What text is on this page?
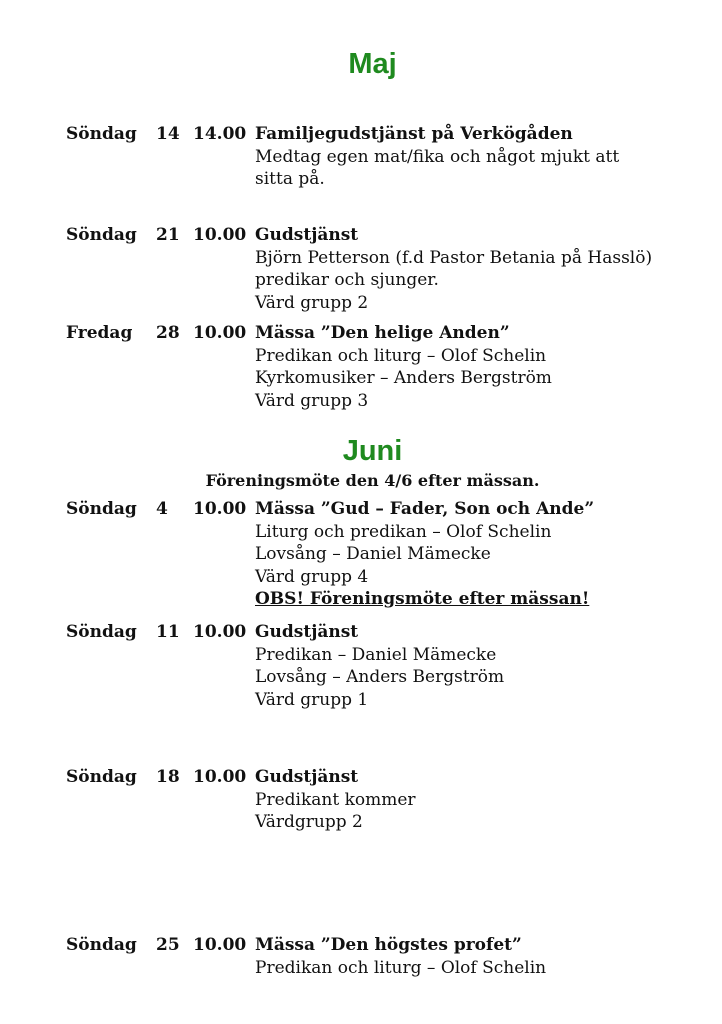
Maj
Söndag 14 14.00 Familjegudstjänst på Verkögåden
Medtag egen mat/fika och något mjukt att
sitta på.
Söndag 21 10.00 Gudstjänst
Björn Petterson (f.d Pastor Betania på Hasslö)
predikar och sjunger.
Värd grupp 2
Fredag 28 10.00 Mässa ”Den helige Anden”
Predikan och liturg – Olof Schelin
Kyrkomusiker – Anders Bergström
Värd grupp 3
Juni
Föreningsmöte den 4/6 efter mässan.
Söndag 4 10.00 Mässa ”Gud – Fader, Son och Ande”
Liturg och predikan – Olof Schelin
Lovsång – Daniel Mämecke
Värd grupp 4
OBS! Föreningsmöte efter mässan!
Söndag 11 10.00 Gudstjänst
Predikan – Daniel Mämecke
Lovsång – Anders Bergström
Värd grupp 1
Söndag 18 10.00 Gudstjänst
Predikant kommer
Värdgrupp 2
Söndag 25 10.00 Mässa ”Den högstes profet”
Predikan och liturg – Olof Schelin
